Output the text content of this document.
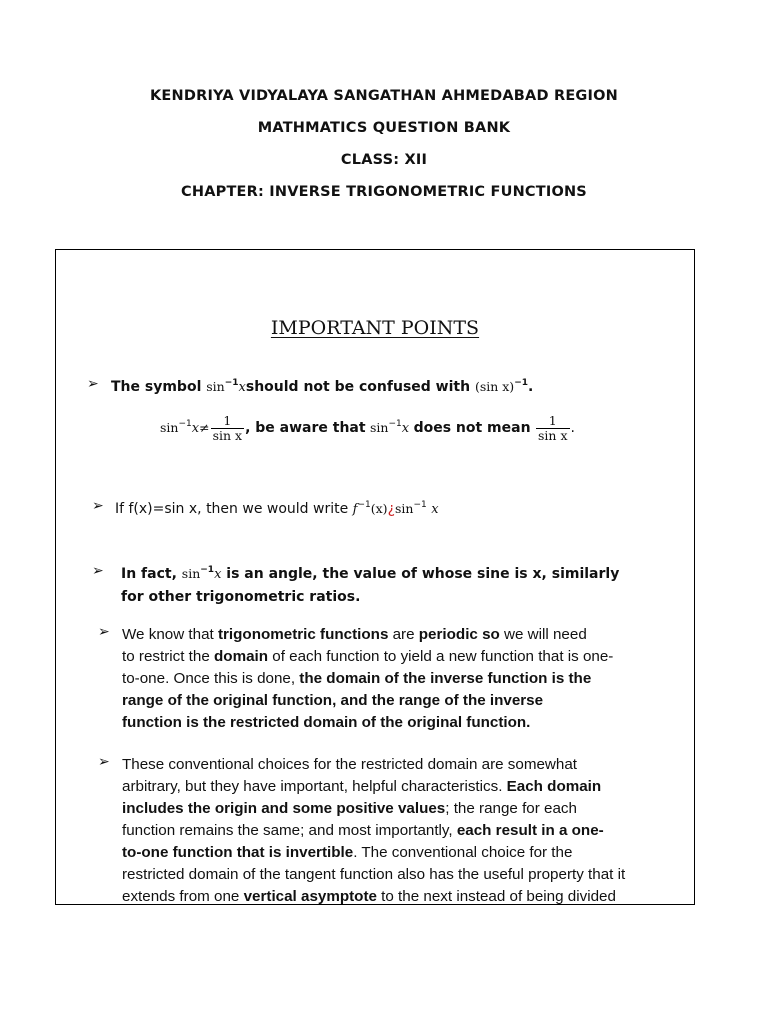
KENDRIYA VIDYALAYA SANGATHAN AHMEDABAD REGION
MATHMATICS QUESTION BANK
CLASS: XII
CHAPTER: INVERSE TRIGONOMETRIC FUNCTIONS
IMPORTANT POINTS
➢ The symbol $\sin^{-1}xshould$ not be confused with (sin x)$^{-1}$.
$\sin^{-1}x\ne \frac{1}{\text{sin x}}$ , be aware that $\sin^{-1}x$ does not mean $\frac{1}{\text{sin x}}$ .
➢ If f(x)=sin x, then we would write $f^{-1}(x)¿\sin^{-1}$ x
➢ In fact, $\sin^{-1}x$ is an angle, the value of whose sine is x, similarly
for other trigonometric ratios.
➢ We know that trigonometric functions are periodic so we will need
to restrict the domain of each function to yield a new function that is one-
to-one. Once this is done, the domain of the inverse function is the
range of the original function, and the range of the inverse
function is the restricted domain of the original function.
➢ These conventional choices for the restricted domain are somewhat
arbitrary, but they have important, helpful characteristics. Each domain
includes the origin and some positive values; the range for each
function remains the same; and most importantly, each result in a one-
to-one function that is invertible. The conventional choice for the
restricted domain of the tangent function also has the useful property that it
extends from one vertical asymptote to the next instead of being divided
